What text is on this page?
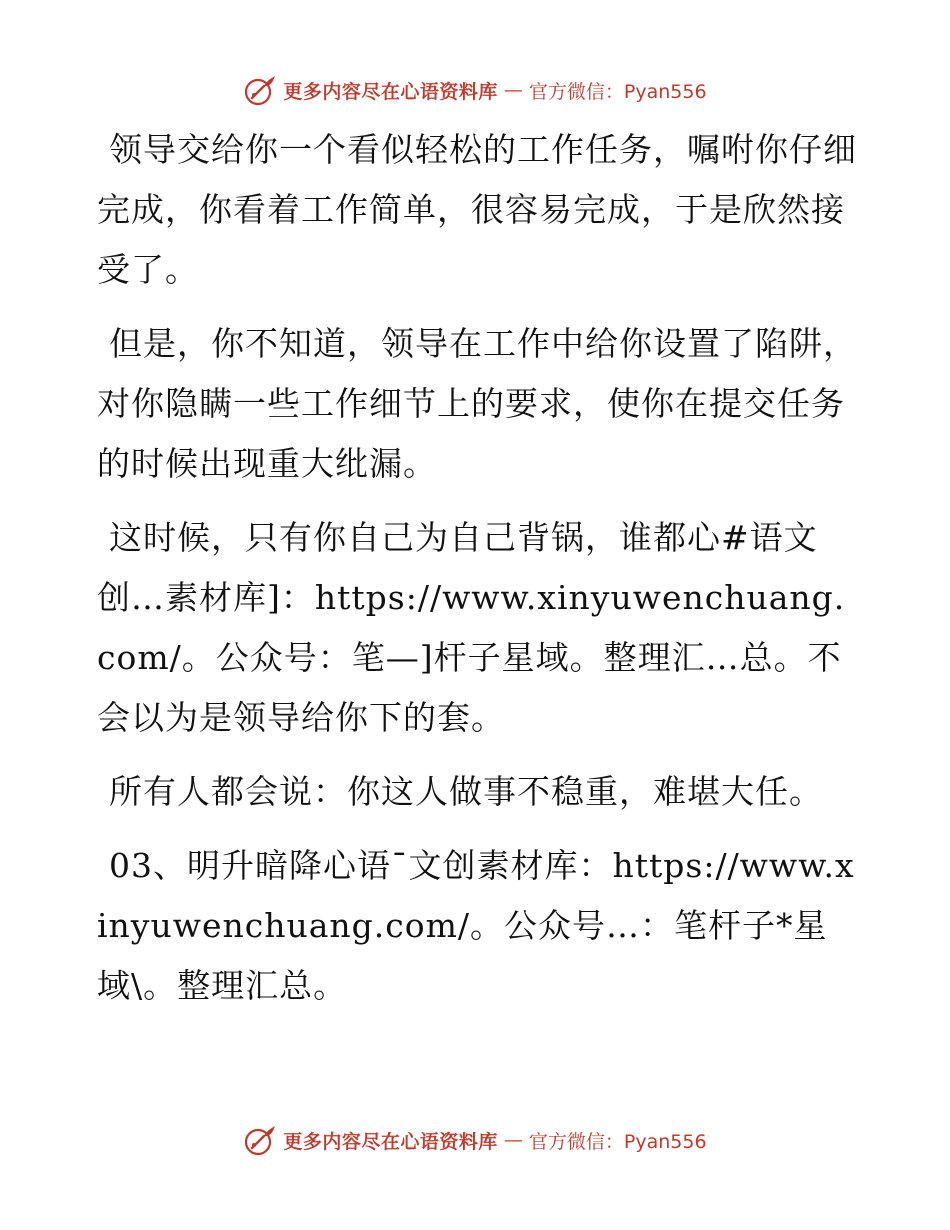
更多内容尽在心语资料库 — 官方微信：Pyan556

领导交给你一个看似轻松的工作任务，嘱咐你仔细完成，你看着工作简单，很容易完成，于是欣然接受了。

但是，你不知道，领导在工作中给你设置了陷阱，对你隐瞒一些工作细节上的要求，使你在提交任务的时候出现重大纰漏。

这时候，只有你自己为自己背锅，谁都心#语文创…素材库]：https://www.xinyuwenchuang.com/。公众号：笔—]杆子星域。整理汇…总。不会以为是领导给你下的套。

所有人都会说：你这人做事不稳重，难堪大任。

03、明升暗降心语¯文创素材库：https://www.xinyuwenchuang.com/。公众号…：笔杆子*星域\。整理汇总。

更多内容尽在心语资料库 — 官方微信：Pyan556
